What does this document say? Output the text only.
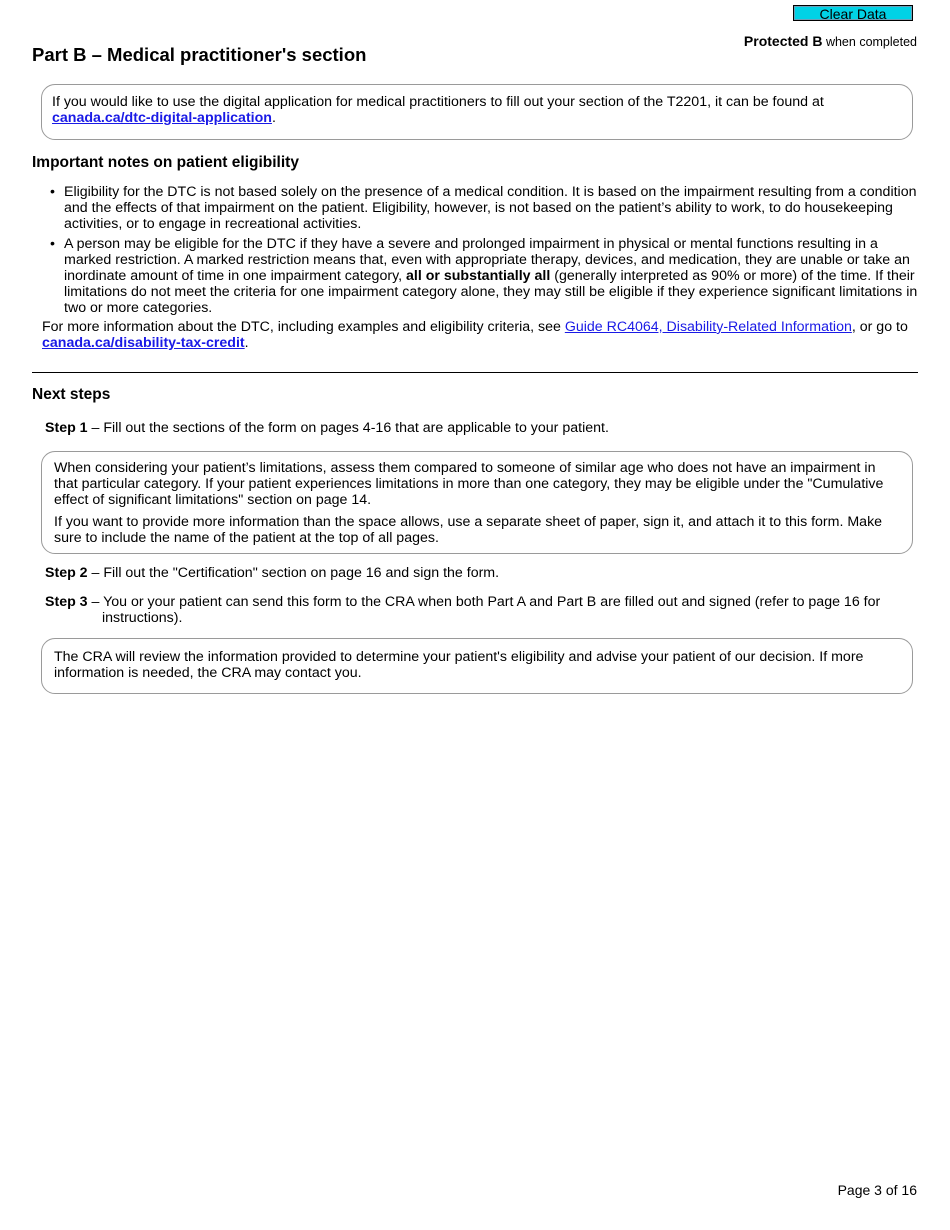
Clear Data
Protected B when completed
Part B – Medical practitioner's section

If you would like to use the digital application for medical practitioners to fill out your section of the T2201, it can be found at canada.ca/dtc-digital-application.

Important notes on patient eligibility
• Eligibility for the DTC is not based solely on the presence of a medical condition. It is based on the impairment resulting from a condition and the effects of that impairment on the patient. Eligibility, however, is not based on the patient’s ability to work, to do housekeeping activities, or to engage in recreational activities.
• A person may be eligible for the DTC if they have a severe and prolonged impairment in physical or mental functions resulting in a marked restriction. A marked restriction means that, even with appropriate therapy, devices, and medication, they are unable or take an inordinate amount of time in one impairment category, all or substantially all (generally interpreted as 90% or more) of the time. If their limitations do not meet the criteria for one impairment category alone, they may still be eligible if they experience significant limitations in two or more categories.
For more information about the DTC, including examples and eligibility criteria, see Guide RC4064, Disability-Related Information, or go to canada.ca/disability-tax-credit.
Next steps
Step 1 – Fill out the sections of the form on pages 4-16 that are applicable to your patient.

When considering your patient’s limitations, assess them compared to someone of similar age who does not have an impairment in that particular category. If your patient experiences limitations in more than one category, they may be eligible under the "Cumulative effect of significant limitations" section on page 14.

If you want to provide more information than the space allows, use a separate sheet of paper, sign it, and attach it to this form. Make sure to include the name of the patient at the top of all pages.

Step 2 – Fill out the "Certification" section on page 16 and sign the form.
Step 3 – You or your patient can send this form to the CRA when both Part A and Part B are filled out and signed (refer to page 16 for
instructions).

The CRA will review the information provided to determine your patient's eligibility and advise your patient of our decision. If more information is needed, the CRA may contact you.

Page 3 of 16
